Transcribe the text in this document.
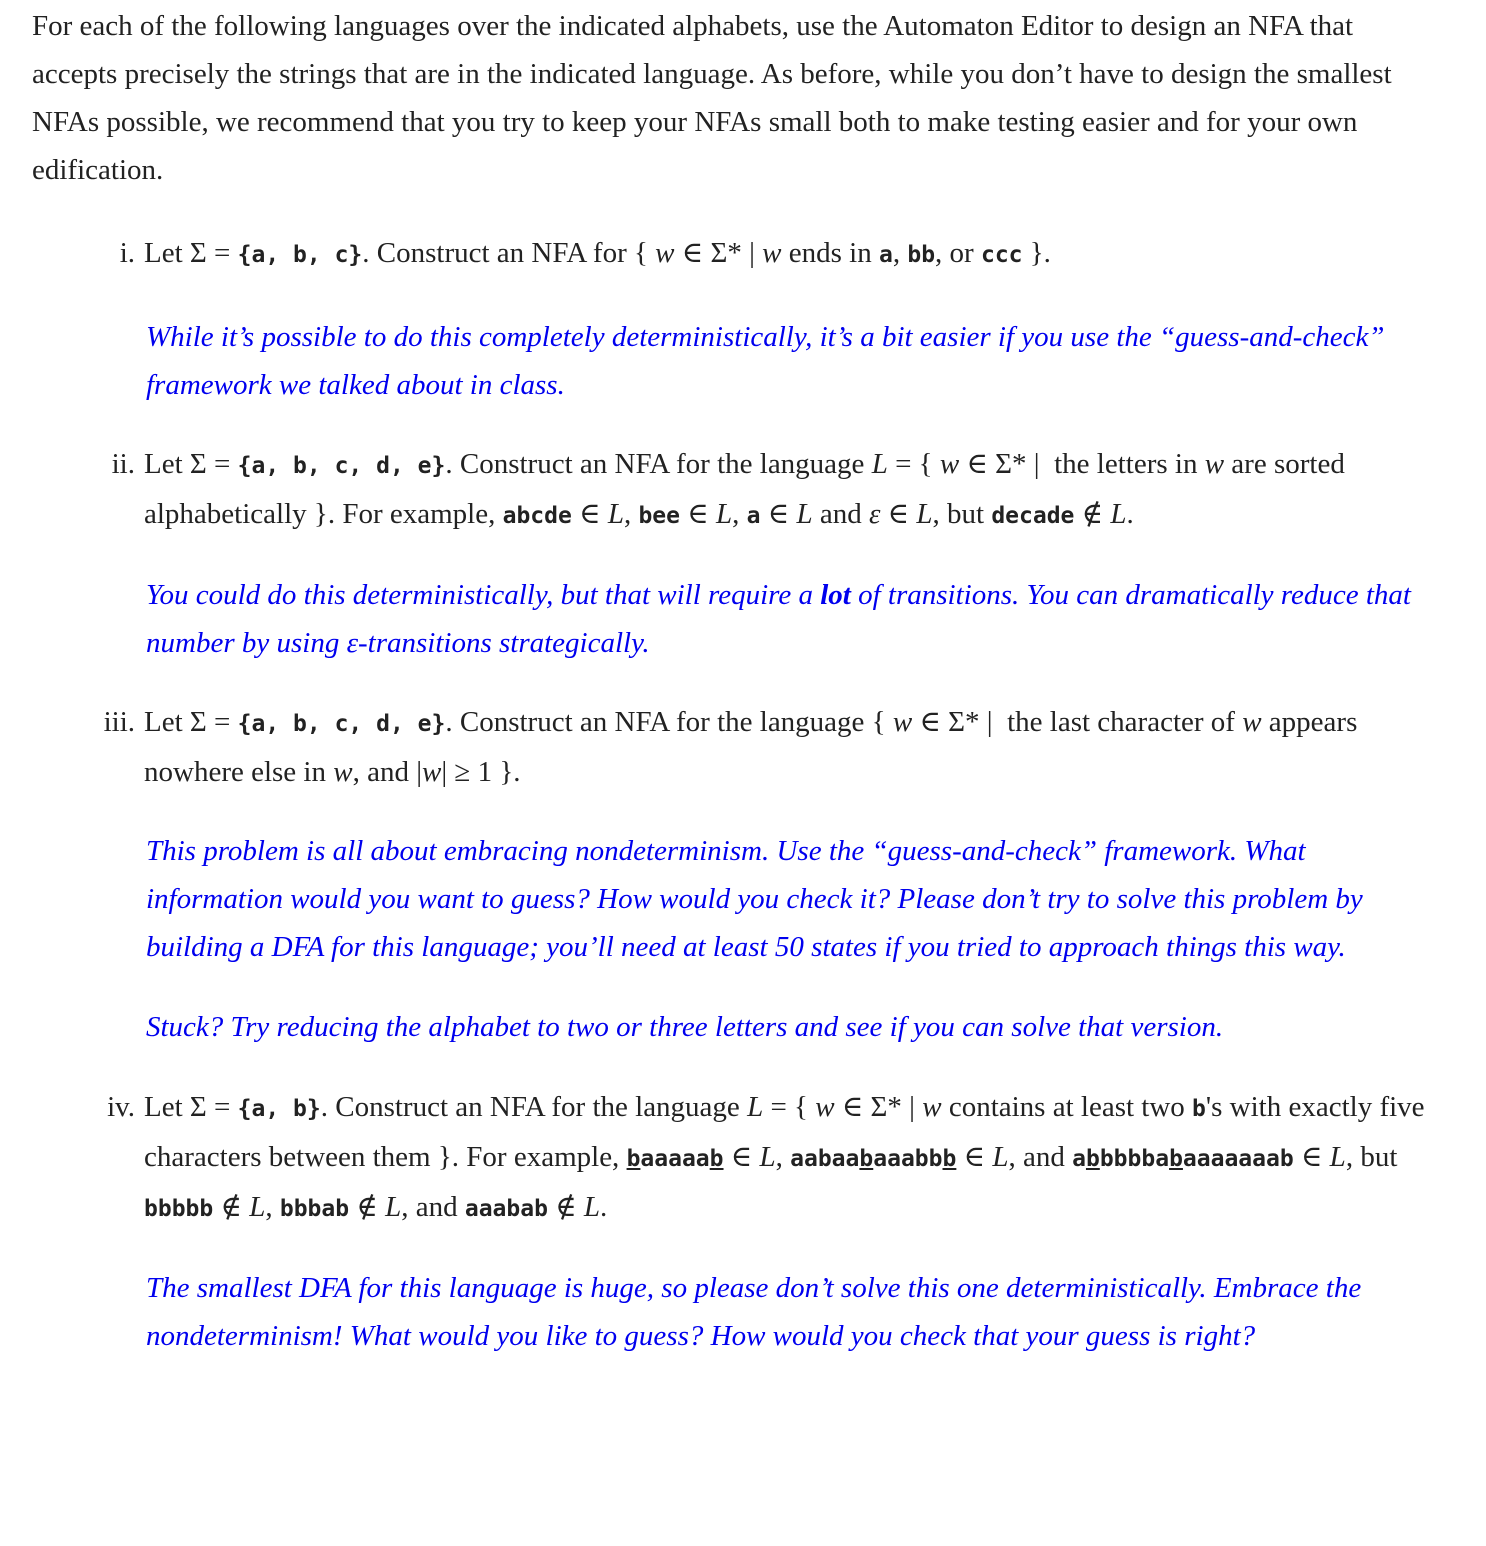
For each of the following languages over the indicated alphabets, use the Automaton Editor to design an NFA that accepts precisely the strings that are in the indicated language. As before, while you don’t have to design the smallest NFAs possible, we recommend that you try to keep your NFAs small both to make testing easier and for your own edification.

i. Let Σ = {a, b, c}. Construct an NFA for { w ∈ Σ* | w ends in a, bb, or ccc }.
While it’s possible to do this completely deterministically, it’s a bit easier if you use the “guess-and-check” framework we talked about in class.
ii. Let Σ = {a, b, c, d, e}. Construct an NFA for the language L = { w ∈ Σ* |  the letters in w are sorted alphabetically }. For example, abcde ∈ L, bee ∈ L, a ∈ L and ε ∈ L, but decade ∉ L.
You could do this deterministically, but that will require a lot of transitions. You can dramatically reduce that number by using ε-transitions strategically.
iii. Let Σ = {a, b, c, d, e}. Construct an NFA for the language { w ∈ Σ* |  the last character of w appears nowhere else in w, and |w| ≥ 1 }.
This problem is all about embracing nondeterminism. Use the “guess-and-check” framework. What information would you want to guess? How would you check it? Please don’t try to solve this problem by building a DFA for this language; you’ll need at least 50 states if you tried to approach things this way.
Stuck? Try reducing the alphabet to two or three letters and see if you can solve that version.
iv. Let Σ = {a, b}. Construct an NFA for the language L = { w ∈ Σ* | w contains at least two b's with exactly five characters between them }. For example, baaaaab ∈ L, aabaabaaabbb ∈ L, and abbbbbabaaaaaaab ∈ L, but bbbbb ∉ L, bbbab ∉ L, and aaabab ∉ L.
The smallest DFA for this language is huge, so please don’t solve this one deterministically. Embrace the nondeterminism! What would you like to guess? How would you check that your guess is right?
